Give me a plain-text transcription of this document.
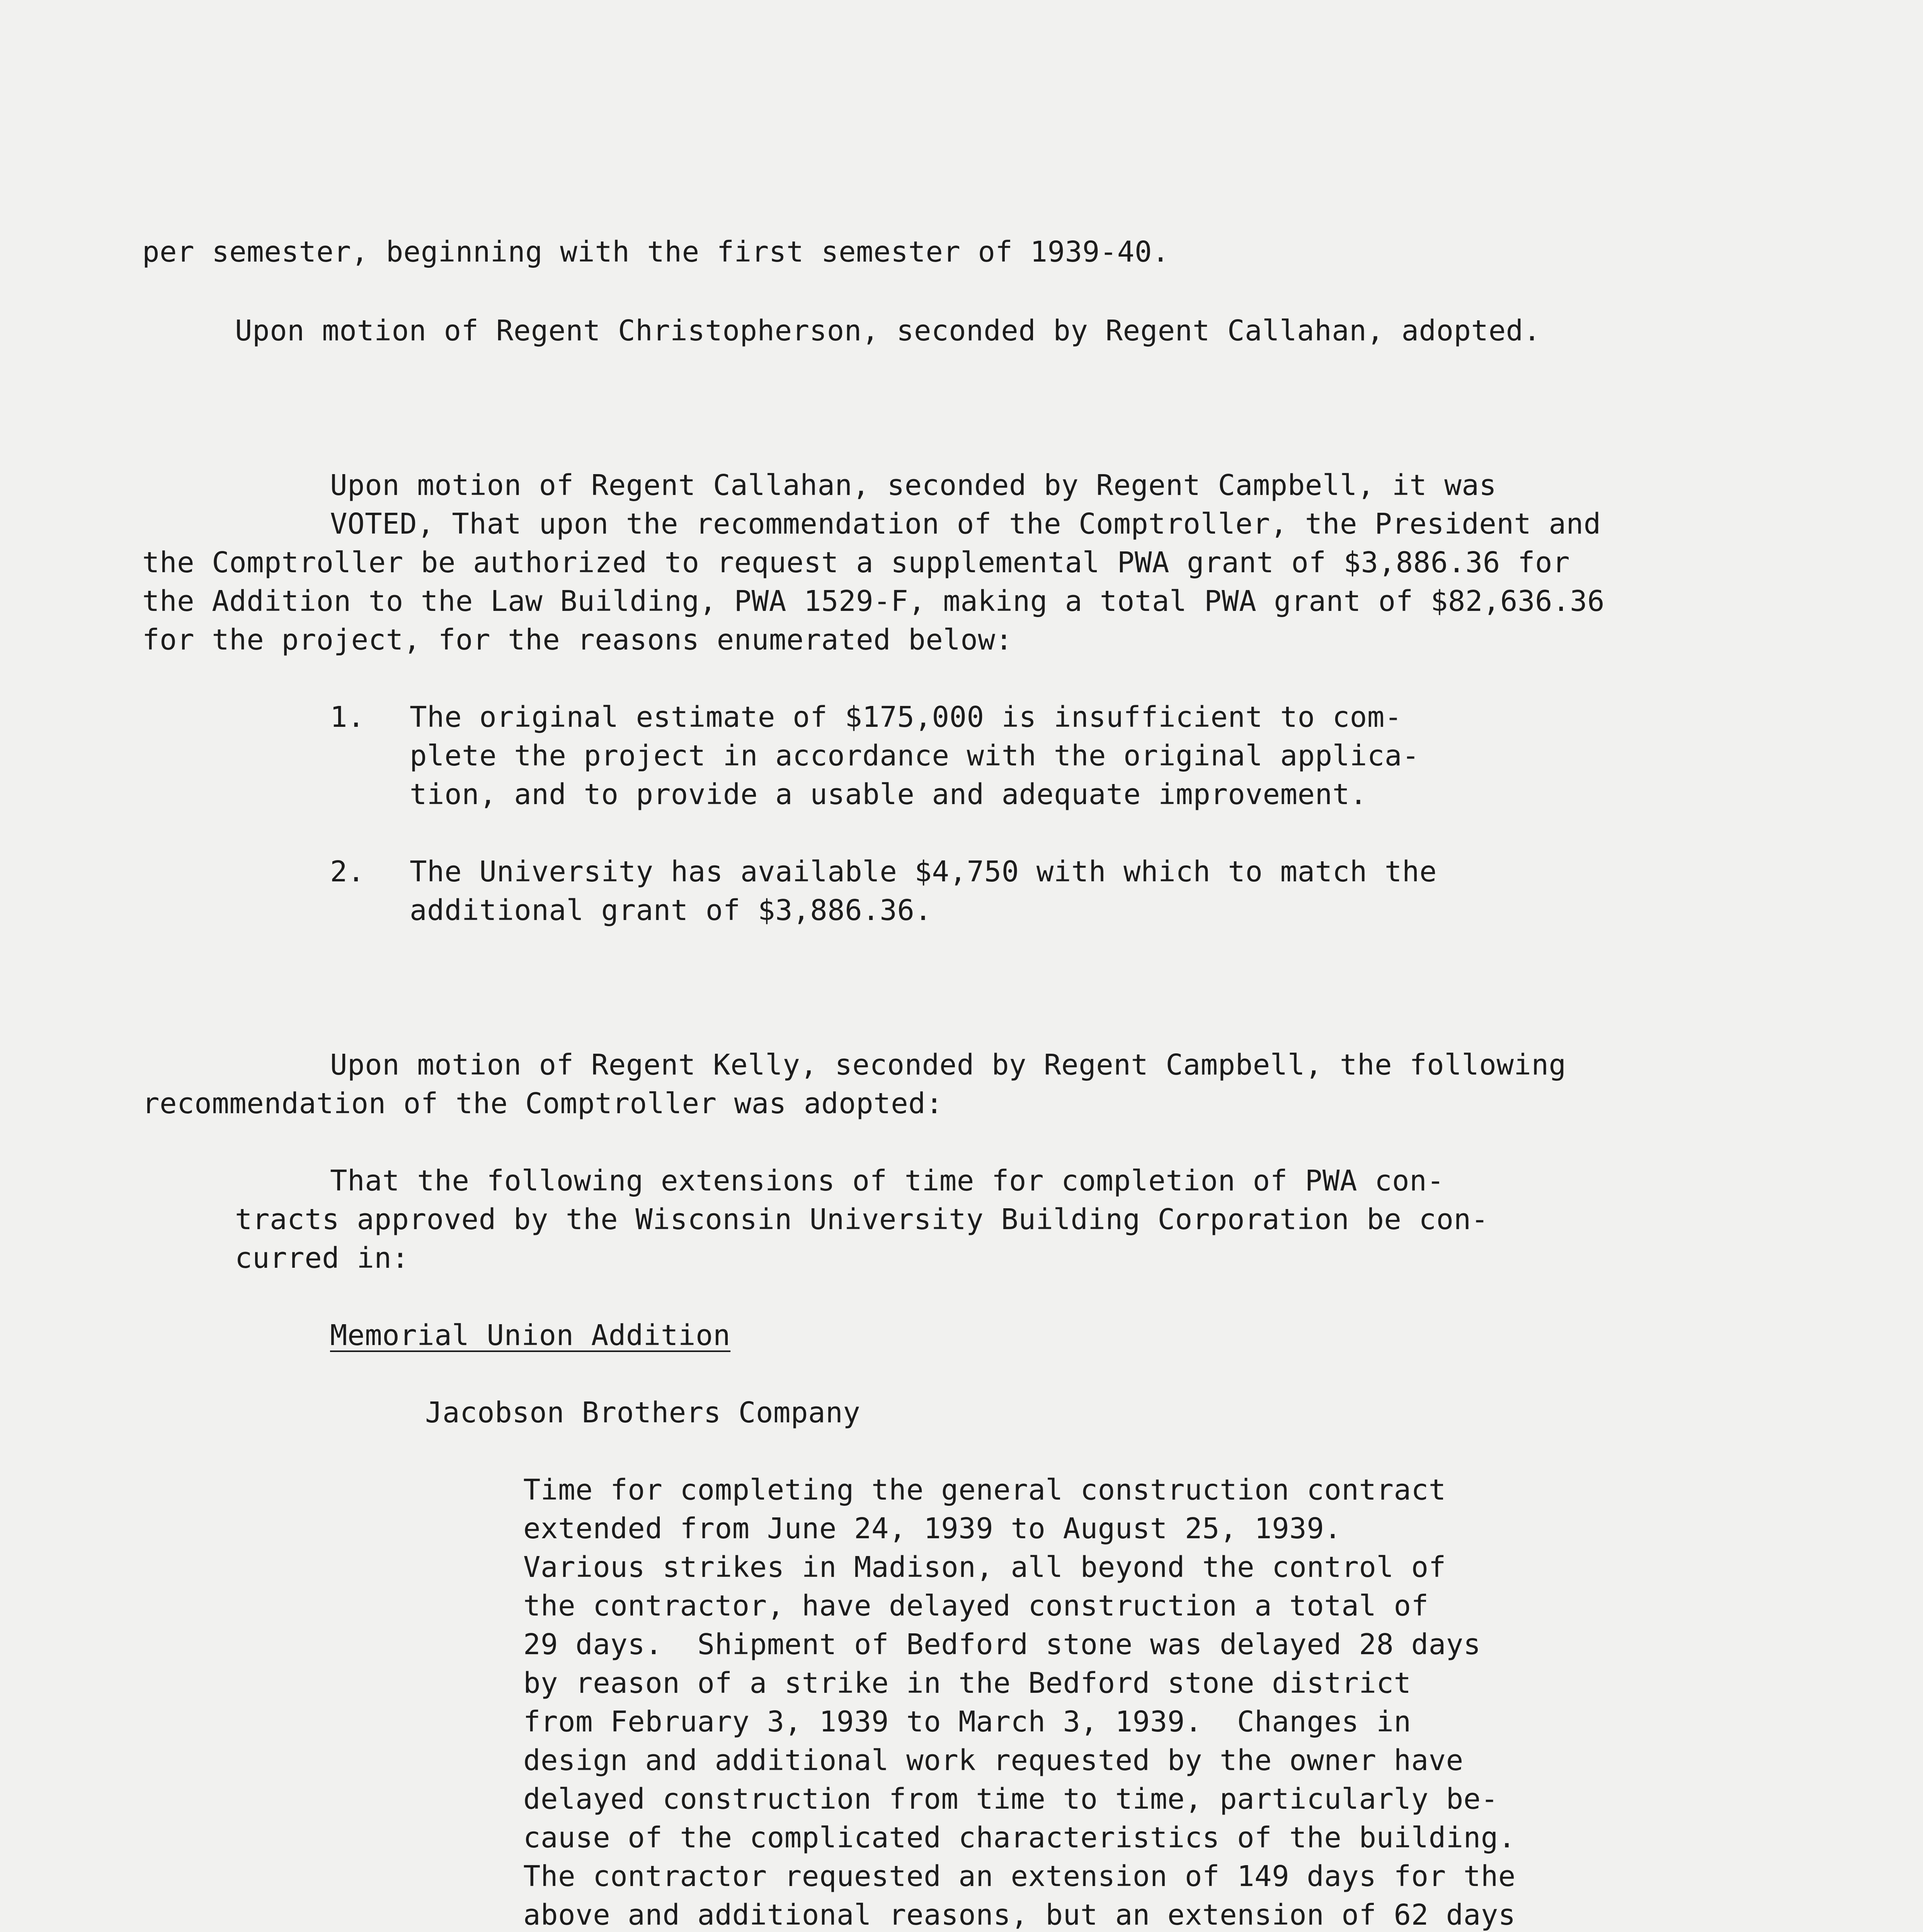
per semester, beginning with the first semester of 1939-40.
Upon motion of Regent Christopherson, seconded by Regent Callahan, adopted.
Upon motion of Regent Callahan, seconded by Regent Campbell, it was
VOTED, That upon the recommendation of the Comptroller, the President and
the Comptroller be authorized to request a supplemental PWA grant of $3,886.36 for
the Addition to the Law Building, PWA 1529-F, making a total PWA grant of $82,636.36
for the project, for the reasons enumerated below:
1. The original estimate of $175,000 is insufficient to com-
plete the project in accordance with the original applica-
tion, and to provide a usable and adequate improvement.
2. The University has available $4,750 with which to match the
additional grant of $3,886.36.
Upon motion of Regent Kelly, seconded by Regent Campbell, the following
recommendation of the Comptroller was adopted:
That the following extensions of time for completion of PWA con-
tracts approved by the Wisconsin University Building Corporation be con-
curred in:
Memorial Union Addition
Jacobson Brothers Company
Time for completing the general construction contract
extended from June 24, 1939 to August 25, 1939.
Various strikes in Madison, all beyond the control of
the contractor, have delayed construction a total of
29 days.  Shipment of Bedford stone was delayed 28 days
by reason of a strike in the Bedford stone district
from February 3, 1939 to March 3, 1939.  Changes in
design and additional work requested by the owner have
delayed construction from time to time, particularly be-
cause of the complicated characteristics of the building.
The contractor requested an extension of 149 days for the
above and additional reasons, but an extension of 62 days
